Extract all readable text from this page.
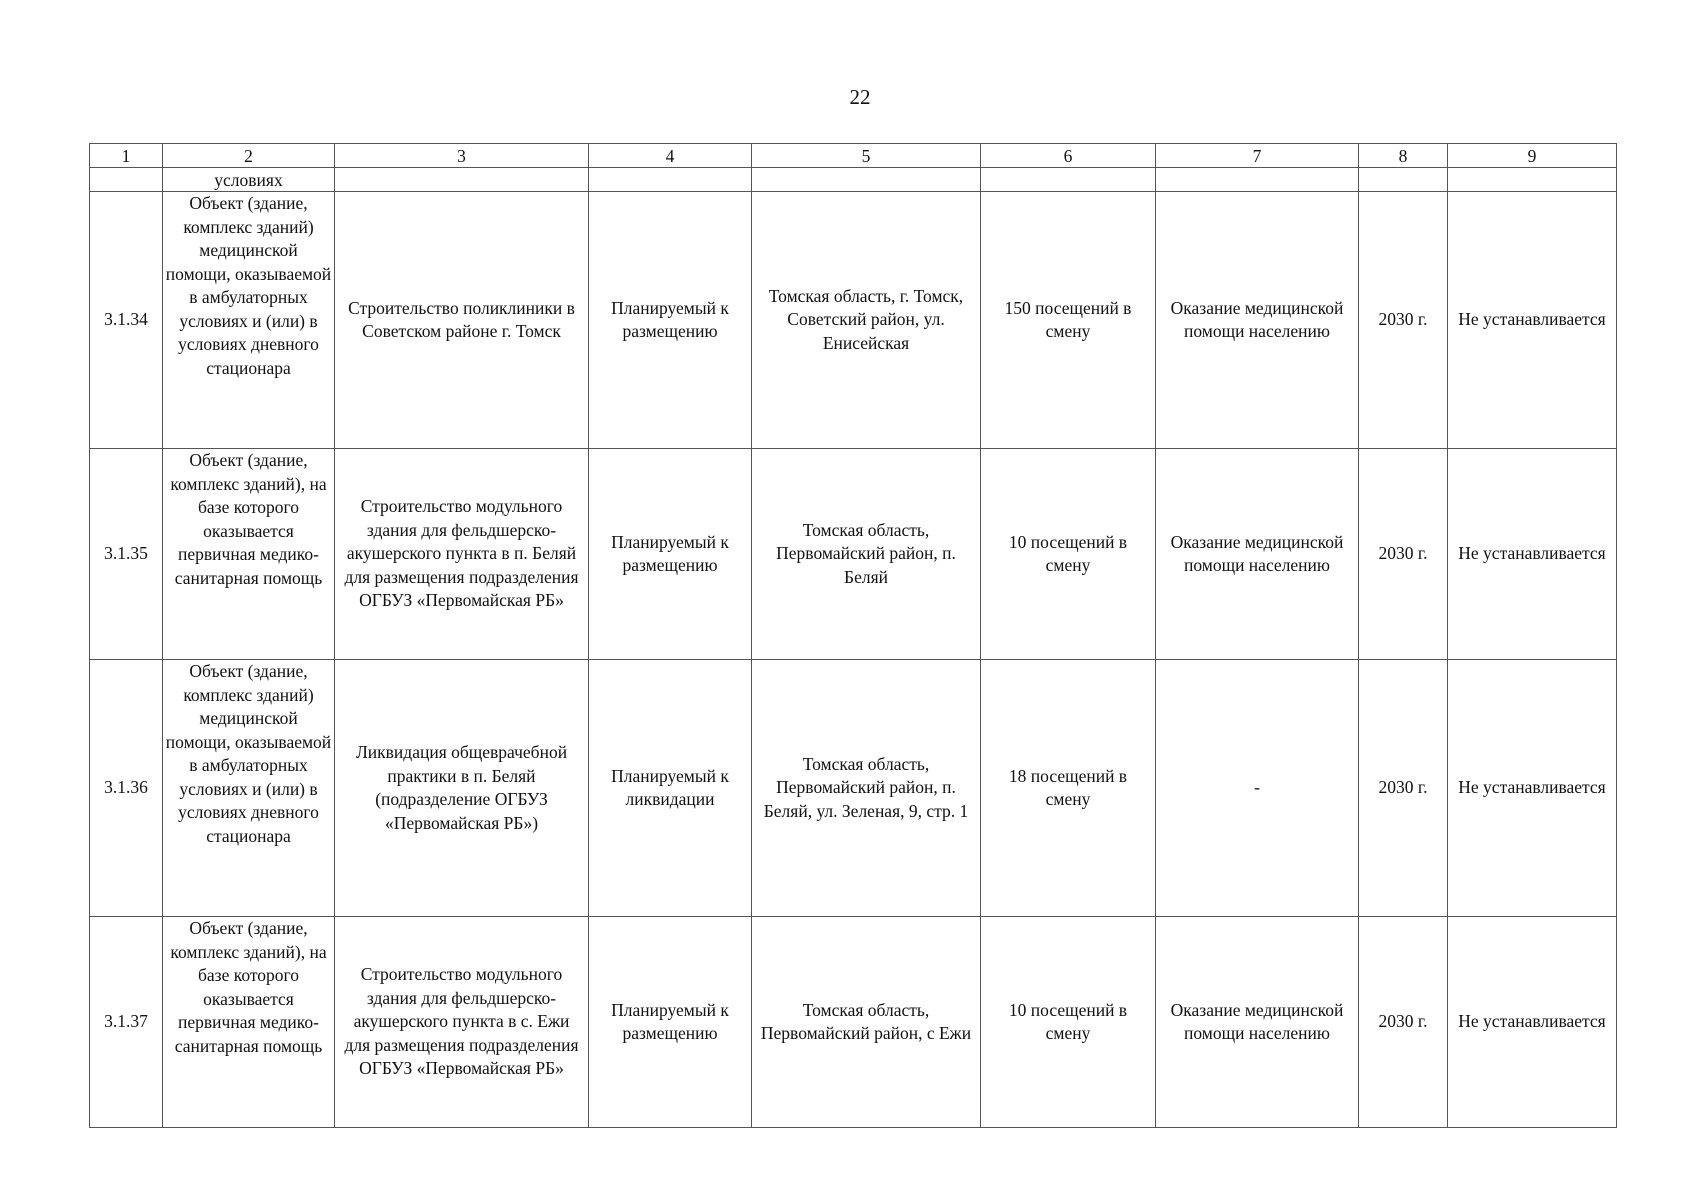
22
1	2	3	4	5	6	7	8	9
	условиях							
3.1.34	Объект (здание, комплекс зданий) медицинской помощи, оказываемой в амбулаторных условиях и (или) в условиях дневного стационара	Строительство поликлиники в Советском районе г. Томск	Планируемый к размещению	Томская область, г. Томск, Советский район, ул. Енисейская	150 посещений в смену	Оказание медицинской помощи населению	2030 г.	Не устанавливается
3.1.35	Объект (здание, комплекс зданий), на базе которого оказывается первичная медико-санитарная помощь	Строительство модульного здания для фельдшерско-акушерского пункта в п. Беляй для размещения подразделения ОГБУЗ «Первомайская РБ»	Планируемый к размещению	Томская область, Первомайский район, п. Беляй	10 посещений в смену	Оказание медицинской помощи населению	2030 г.	Не устанавливается
3.1.36	Объект (здание, комплекс зданий) медицинской помощи, оказываемой в амбулаторных условиях и (или) в условиях дневного стационара	Ликвидация общеврачебной практики в п. Беляй (подразделение ОГБУЗ «Первомайская РБ»)	Планируемый к ликвидации	Томская область, Первомайский район, п. Беляй, ул. Зеленая, 9, стр. 1	18 посещений в смену	-	2030 г.	Не устанавливается
3.1.37	Объект (здание, комплекс зданий), на базе которого оказывается первичная медико-санитарная помощь	Строительство модульного здания для фельдшерско-акушерского пункта в с. Ежи для размещения подразделения ОГБУЗ «Первомайская РБ»	Планируемый к размещению	Томская область, Первомайский район, с Ежи	10 посещений в смену	Оказание медицинской помощи населению	2030 г.	Не устанавливается
